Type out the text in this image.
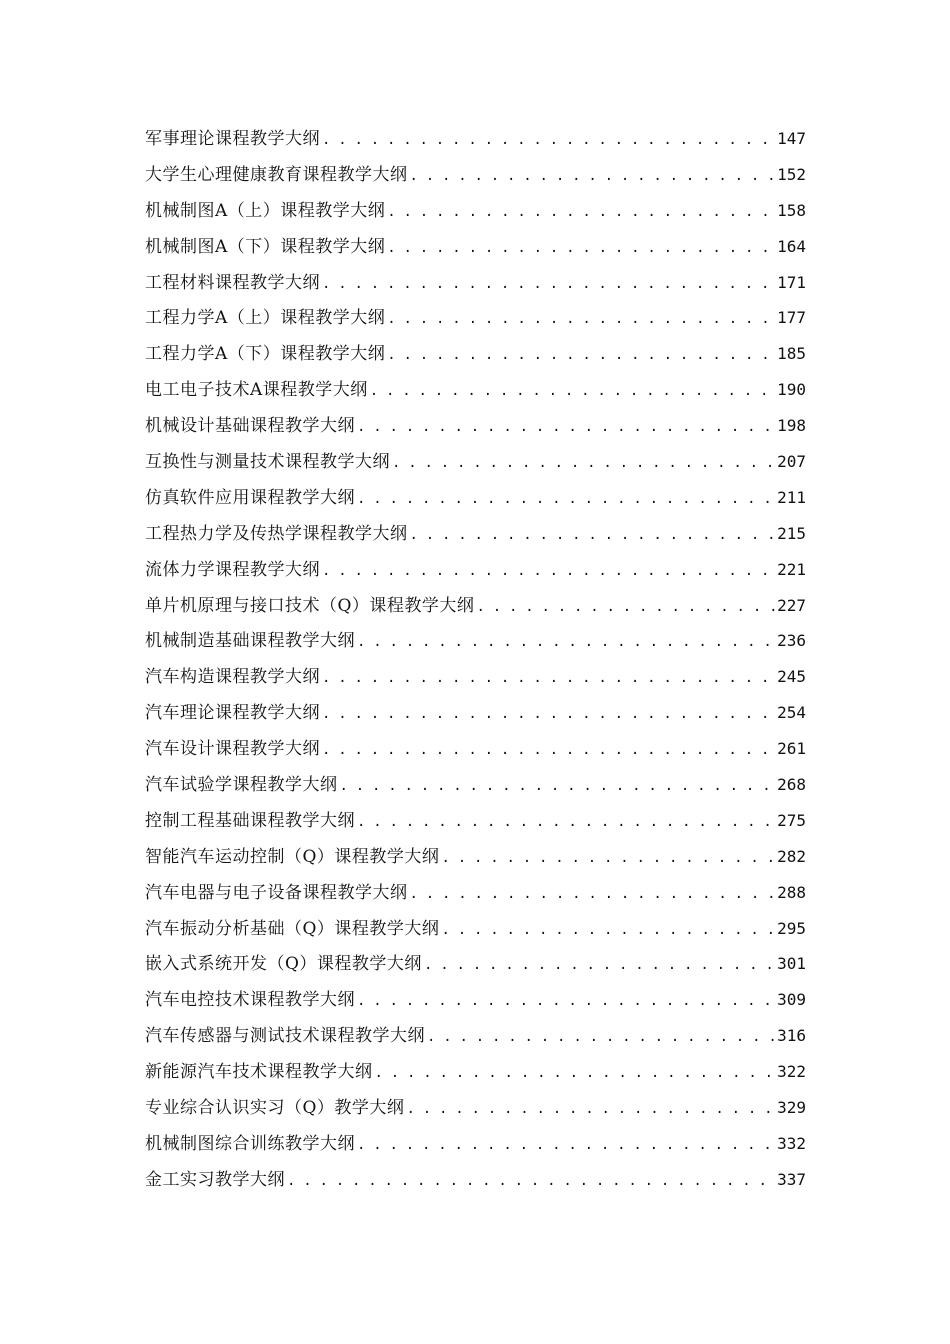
军事理论课程教学大纲 . . .	147
大学生心理健康教育课程教学大纲 . . .	152
机械制图A（上）课程教学大纲 . . .	158
机械制图A（下）课程教学大纲 . . .	164
工程材料课程教学大纲 . . .	171
工程力学A（上）课程教学大纲 . . .	177
工程力学A（下）课程教学大纲 . . .	185
电工电子技术A课程教学大纲 . . .	190
机械设计基础课程教学大纲 . . .	198
互换性与测量技术课程教学大纲 . . .	207
仿真软件应用课程教学大纲 . . .	211
工程热力学及传热学课程教学大纲 . . .	215
流体力学课程教学大纲 . . .	221
单片机原理与接口技术（Q）课程教学大纲 . . .	227
机械制造基础课程教学大纲 . . .	236
汽车构造课程教学大纲 . . .	245
汽车理论课程教学大纲 . . .	254
汽车设计课程教学大纲 . . .	261
汽车试验学课程教学大纲 . . .	268
控制工程基础课程教学大纲 . . .	275
智能汽车运动控制（Q）课程教学大纲 . . .	282
汽车电器与电子设备课程教学大纲 . . .	288
汽车振动分析基础（Q）课程教学大纲 . . .	295
嵌入式系统开发（Q）课程教学大纲 . . .	301
汽车电控技术课程教学大纲 . . .	309
汽车传感器与测试技术课程教学大纲 . . .	316
新能源汽车技术课程教学大纲 . . .	322
专业综合认识实习（Q）教学大纲 . . .	329
机械制图综合训练教学大纲 . . .	332
金工实习教学大纲 . . .	337
